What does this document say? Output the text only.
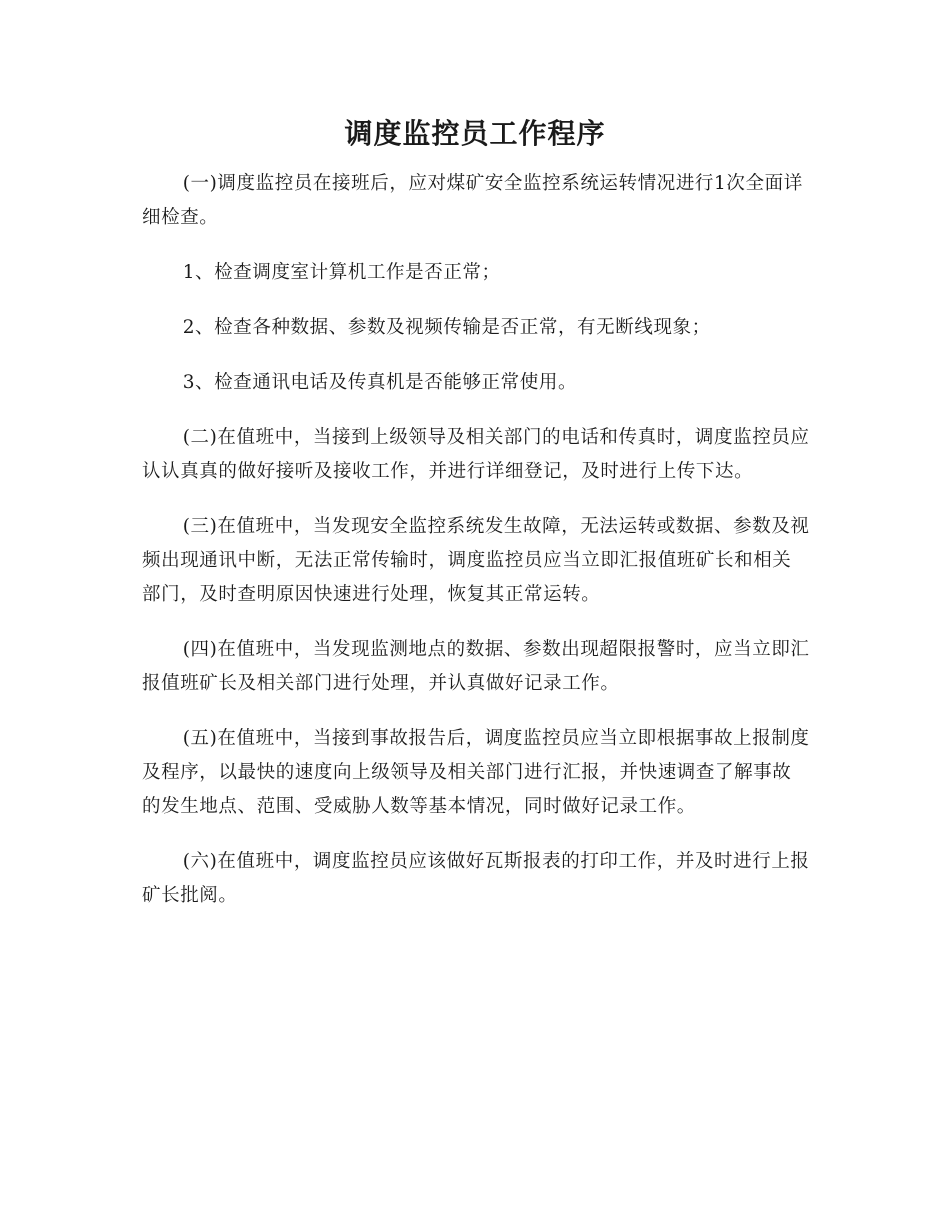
调度监控员工作程序

(一)调度监控员在接班后，应对煤矿安全监控系统运转情况进行1次全面详细检查。

1、检查调度室计算机工作是否正常；

2、检查各种数据、参数及视频传输是否正常，有无断线现象；

3、检查通讯电话及传真机是否能够正常使用。

(二)在值班中，当接到上级领导及相关部门的电话和传真时，调度监控员应认认真真的做好接听及接收工作，并进行详细登记，及时进行上传下达。

(三)在值班中，当发现安全监控系统发生故障，无法运转或数据、参数及视频出现通讯中断，无法正常传输时，调度监控员应当立即汇报值班矿长和相关部门，及时查明原因快速进行处理，恢复其正常运转。

(四)在值班中，当发现监测地点的数据、参数出现超限报警时，应当立即汇报值班矿长及相关部门进行处理，并认真做好记录工作。

(五)在值班中，当接到事故报告后，调度监控员应当立即根据事故上报制度及程序，以最快的速度向上级领导及相关部门进行汇报，并快速调查了解事故的发生地点、范围、受威胁人数等基本情况，同时做好记录工作。

(六)在值班中，调度监控员应该做好瓦斯报表的打印工作，并及时进行上报矿长批阅。
